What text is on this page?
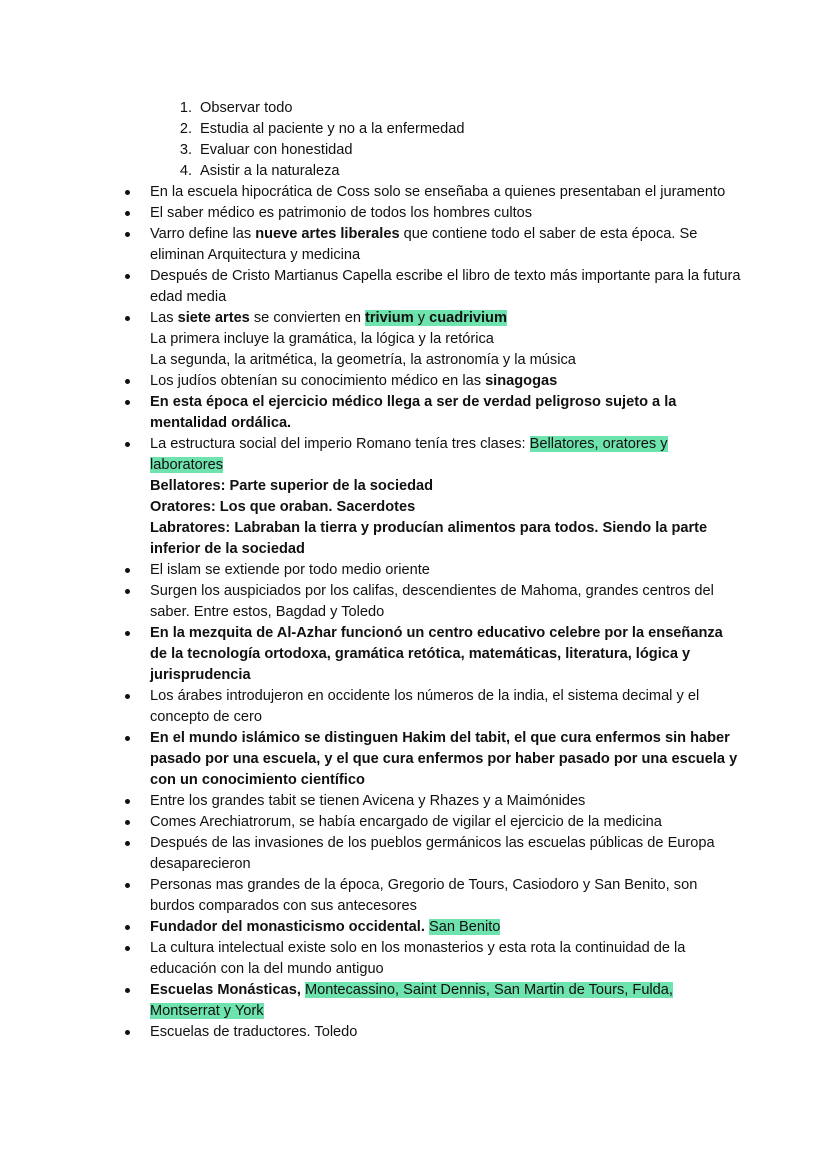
1. Observar todo
2. Estudia al paciente y no a la enfermedad
3. Evaluar con honestidad
4. Asistir a la naturaleza
En la escuela hipocrática de Coss solo se enseñaba a quienes presentaban el juramento
El saber médico es patrimonio de todos los hombres cultos
Varro define las nueve artes liberales que contiene todo el saber de esta época. Se eliminan Arquitectura y medicina
Después de Cristo Martianus Capella escribe el libro de texto más importante para la futura edad media
Las siete artes se convierten en trivium y cuadrivium
La primera incluye la gramática, la lógica y la retórica
La segunda, la aritmética, la geometría, la astronomía y la música
Los judíos obtenían su conocimiento médico en las sinagogas
En esta época el ejercicio médico llega a ser de verdad peligroso sujeto a la mentalidad ordálica.
La estructura social del imperio Romano tenía tres clases: Bellatores, oratores y laboratores
Bellatores: Parte superior de la sociedad
Oratores: Los que oraban. Sacerdotes
Labratores: Labraban la tierra y producían alimentos para todos. Siendo la parte inferior de la sociedad
El islam se extiende por todo medio oriente
Surgen los auspiciados por los califas, descendientes de Mahoma, grandes centros del saber. Entre estos, Bagdad y Toledo
En la mezquita de Al-Azhar funcionó un centro educativo celebre por la enseñanza de la tecnología ortodoxa, gramática retótica, matemáticas, literatura, lógica y jurisprudencia
Los árabes introdujeron en occidente los números de la india, el sistema decimal y el concepto de cero
En el mundo islámico se distinguen Hakim del tabit, el que cura enfermos sin haber pasado por una escuela, y el que cura enfermos por haber pasado por una escuela y con un conocimiento científico
Entre los grandes tabit se tienen Avicena y Rhazes y a Maimónides
Comes Arechiatrorum, se había encargado de vigilar el ejercicio de la medicina
Después de las invasiones de los pueblos germánicos las escuelas públicas de Europa desaparecieron
Personas mas grandes de la época, Gregorio de Tours, Casiodoro y San Benito, son burdos comparados con sus antecesores
Fundador del monasticismo occidental. San Benito
La cultura intelectual existe solo en los monasterios y esta rota la continuidad de la educación con la del mundo antiguo
Escuelas Monásticas, Montecassino, Saint Dennis, San Martin de Tours, Fulda, Montserrat y York
Escuelas de traductores. Toledo
